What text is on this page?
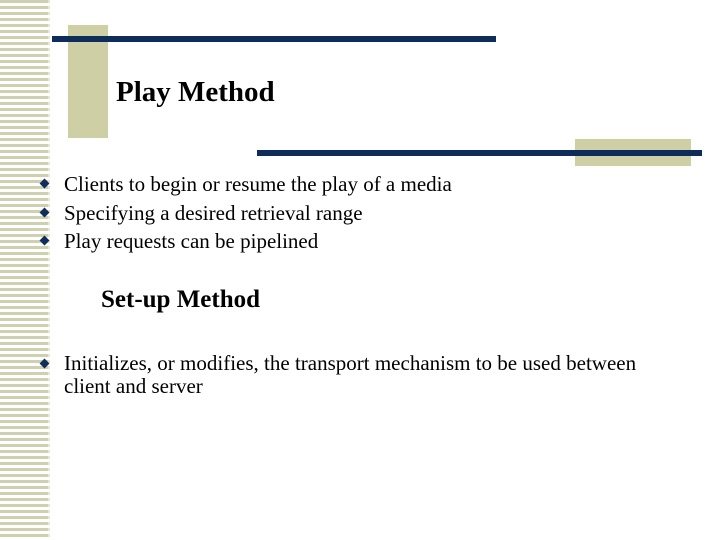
Play Method
Clients to begin or resume the play of a media
Specifying a desired retrieval range
Play requests can be pipelined
Set-up Method
Initializes, or modifies, the transport mechanism to be used between client and server
